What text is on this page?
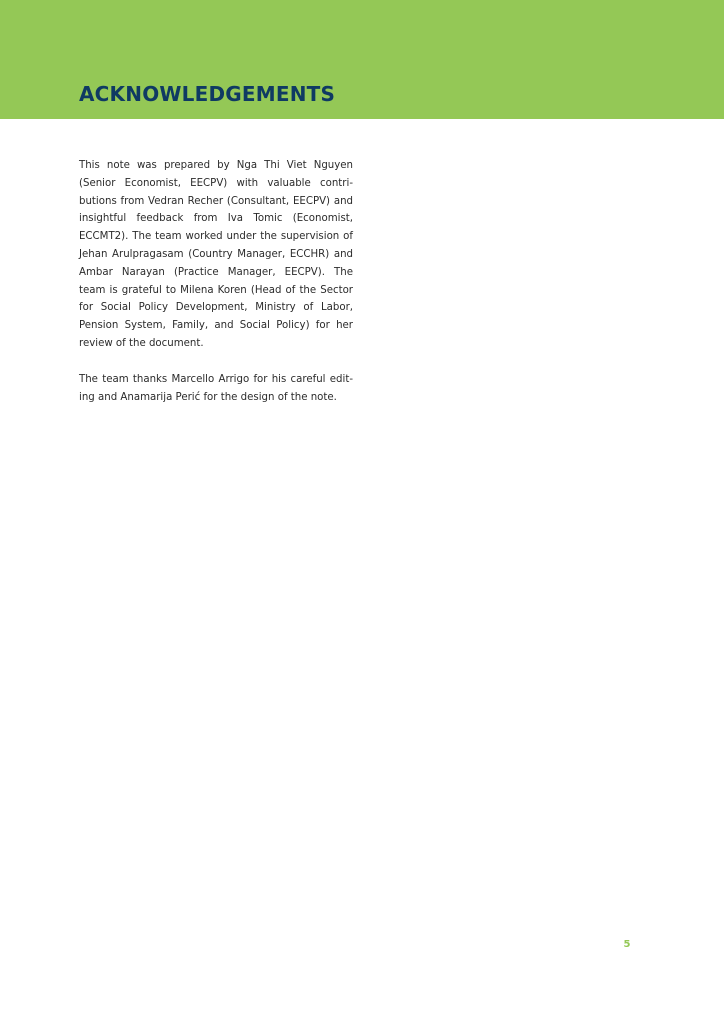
ACKNOWLEDGEMENTS

This note was prepared by Nga Thi Viet Nguyen (Senior Economist, EECPV) with valuable contri-butions from Vedran Recher (Consultant, EECPV) and insightful feedback from Iva Tomic (Economist, ECCMT2). The team worked under the supervision of Jehan Arulpragasam (Country Manager, ECCHR) and Ambar Narayan (Practice Manager, EECPV). The team is grateful to Milena Koren (Head of the Sector for Social Policy Development, Ministry of Labor, Pension System, Family, and Social Policy) for her review of the document.

The team thanks Marcello Arrigo for his careful edit-ing and Anamarija Perić for the design of the note.

5
